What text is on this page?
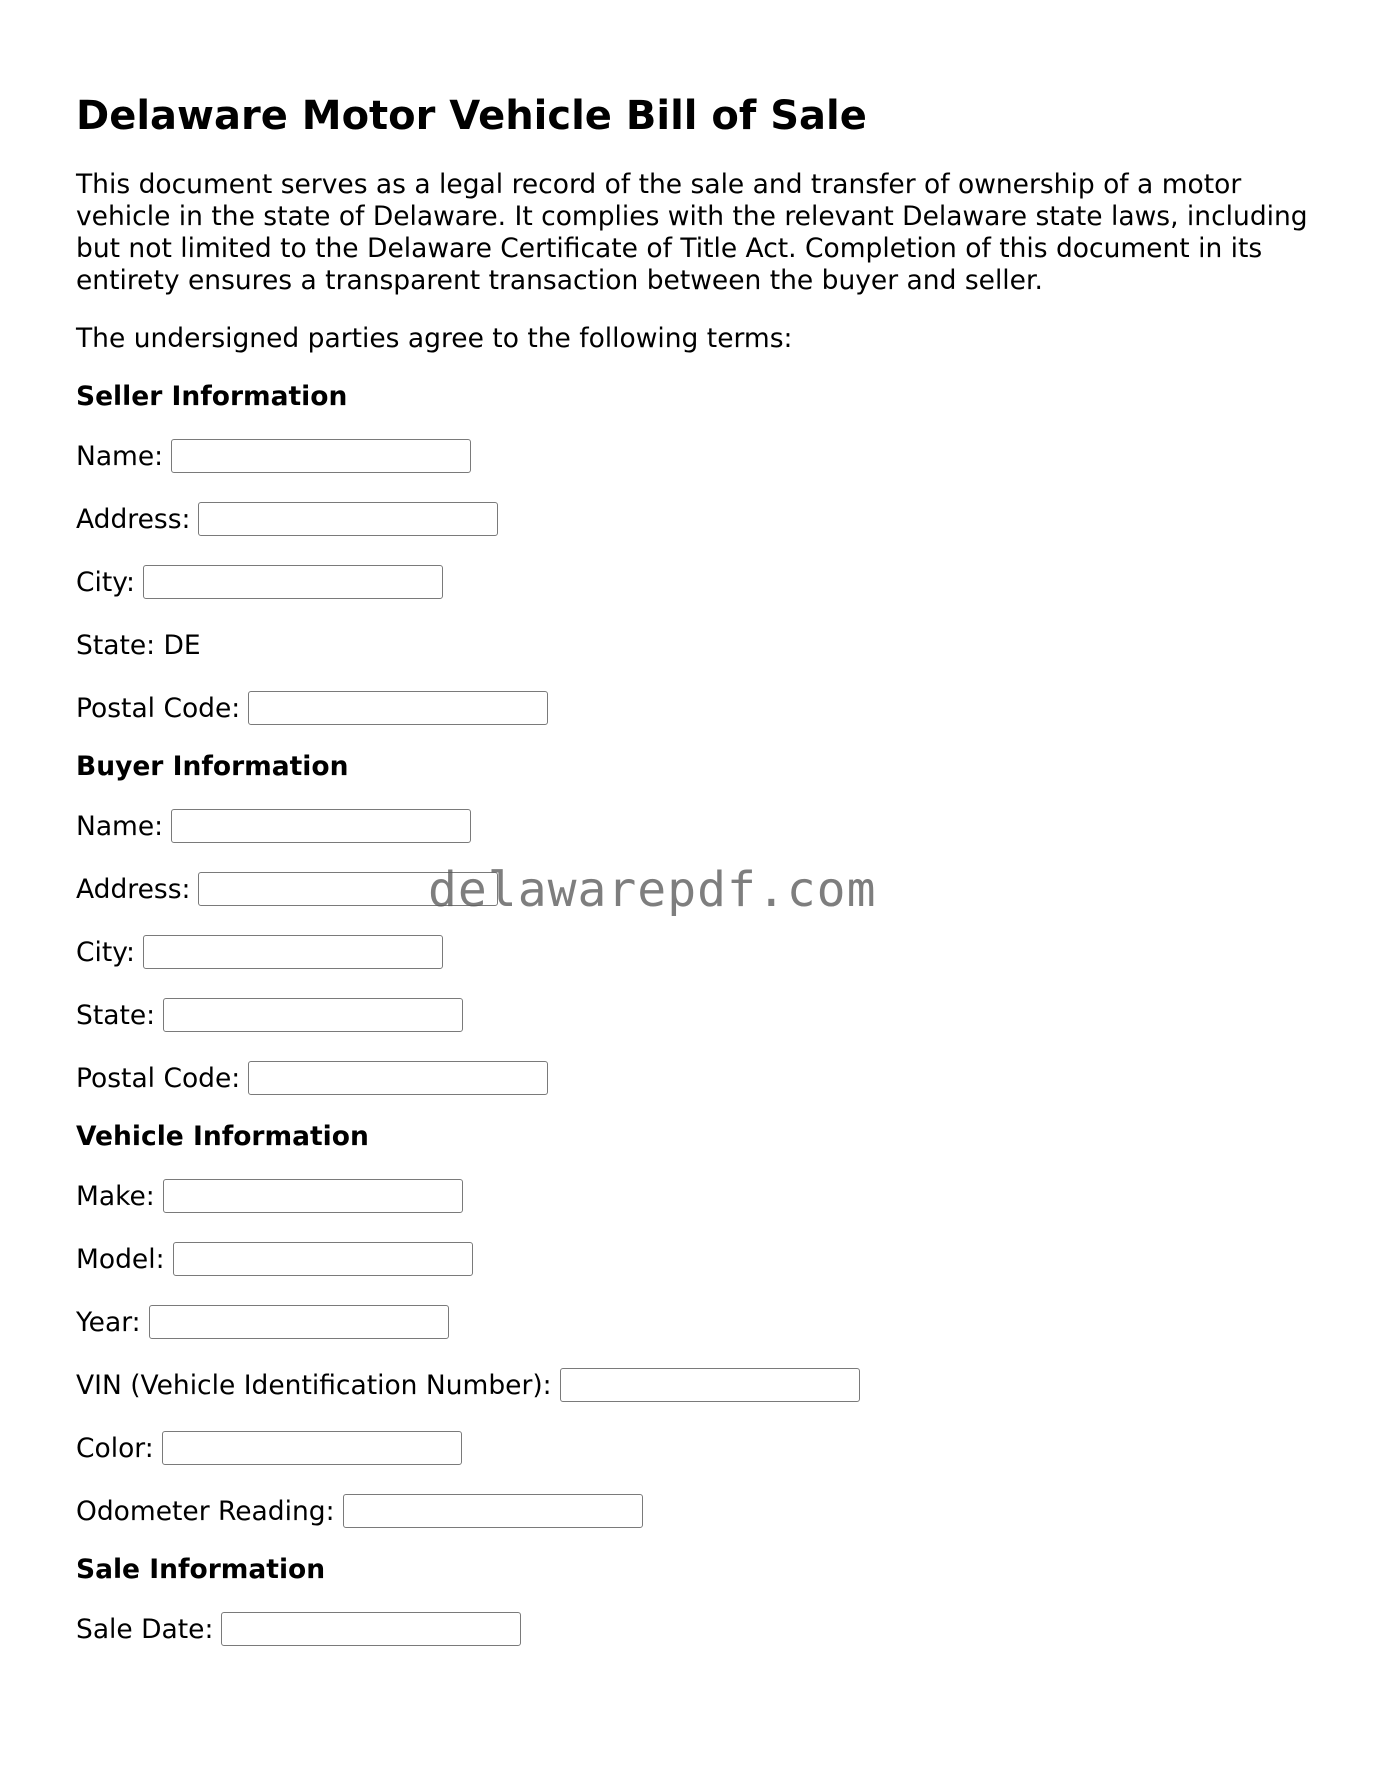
Delaware Motor Vehicle Bill of Sale

This document serves as a legal record of the sale and transfer of ownership of a motor vehicle in the state of Delaware. It complies with the relevant Delaware state laws, including but not limited to the Delaware Certificate of Title Act. Completion of this document in its entirety ensures a transparent transaction between the buyer and seller.

The undersigned parties agree to the following terms:

Seller Information
Name:
Address:
City:
State: DE
Postal Code:
Buyer Information
Name:
Address:
City:
State:
Postal Code:
Vehicle Information
Make:
Model:
Year:
VIN (Vehicle Identification Number):
Color:
Odometer Reading:
Sale Information
Sale Date:
delawarepdf.com
